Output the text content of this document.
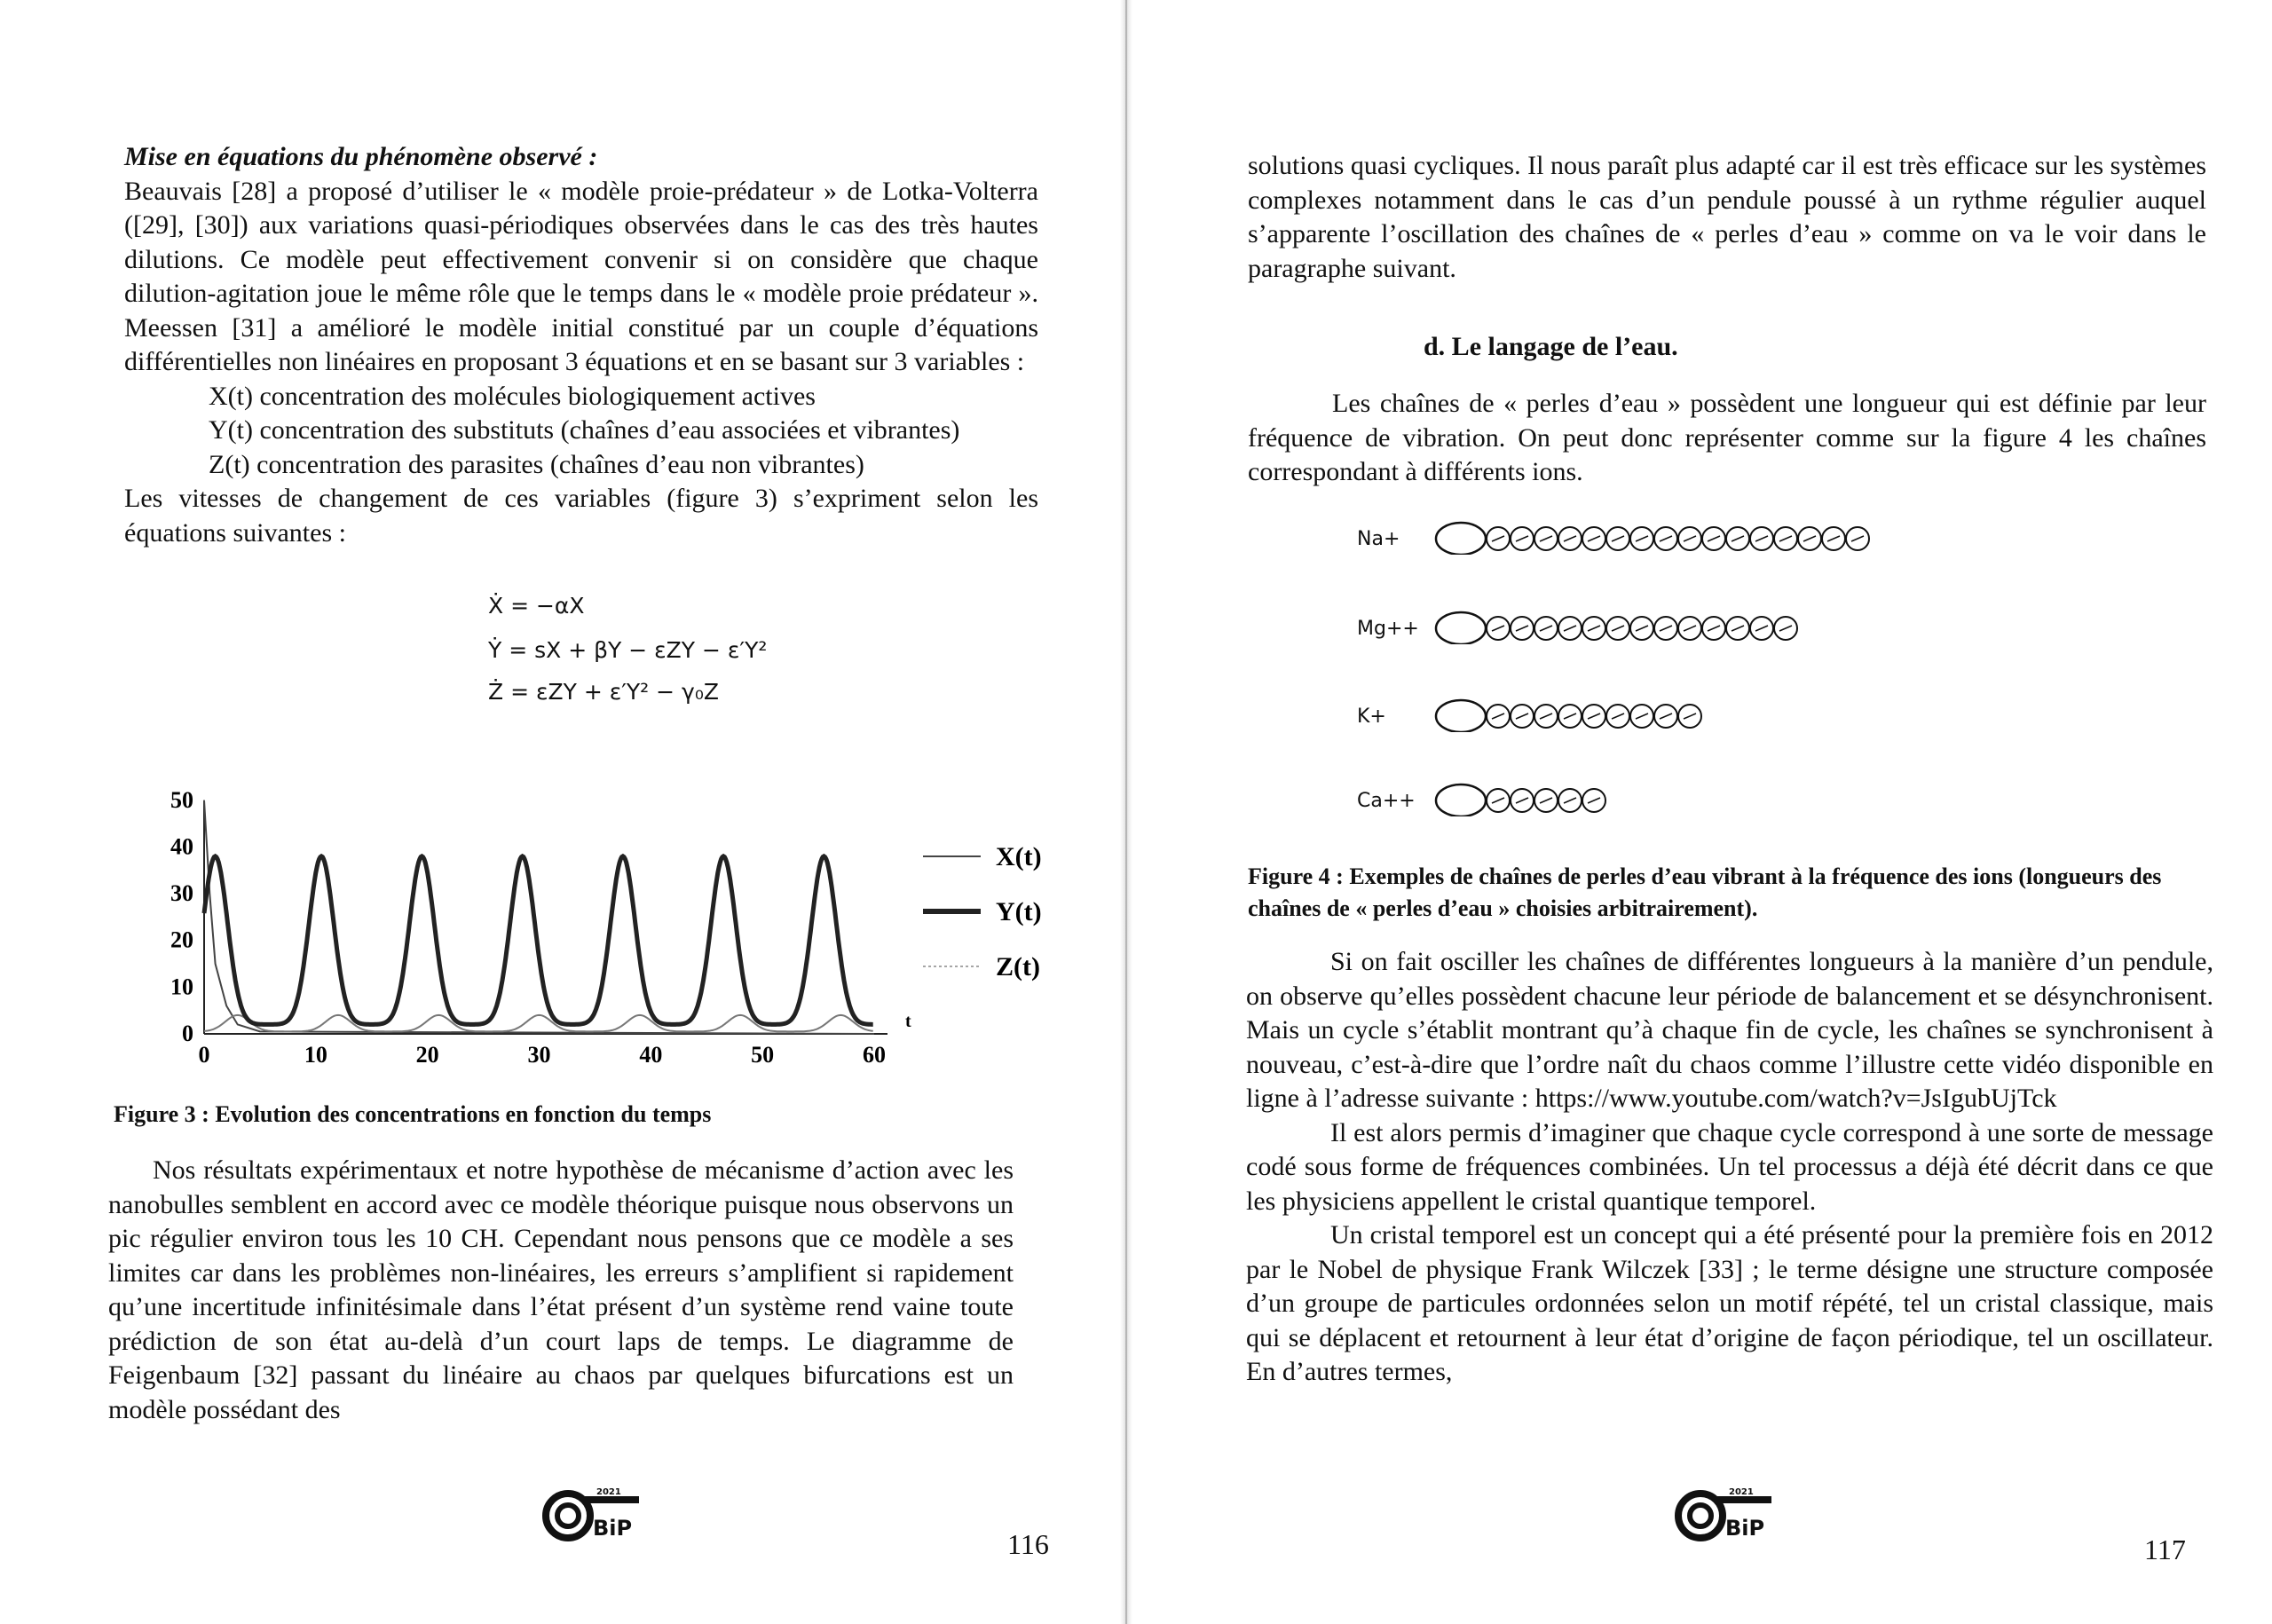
Mise en équations du phénomène observé :

Beauvais [28] a proposé d’utiliser le « modèle proie-prédateur » de Lotka-Volterra ([29], [30]) aux variations quasi-périodiques observées dans le cas des très hautes dilutions. Ce modèle peut effectivement convenir si on considère que chaque dilution-agitation joue le même rôle que le temps dans le « modèle proie prédateur ». Meessen [31] a amélioré le modèle initial constitué par un couple d’équations différentielles non linéaires en proposant 3 équations et en se basant sur 3 variables :

X(t) concentration des molécules biologiquement actives

Y(t) concentration des substituts (chaînes d’eau associées et vibrantes)

Z(t) concentration des parasites (chaînes d’eau non vibrantes)

Les vitesses de changement de ces variables (figure 3) s’expriment selon les équations suivantes :

Ẋ = −αX
Ẏ = sX + βY − εZY − ε′Y²
Ż = εZY + ε′Y² − γ₀Z
0	10	20	30	40	50	60
0
10
20
30
40
50
t
X(t)
Y(t)
Z(t)
Figure 3 : Evolution des concentrations en fonction du temps

Nos résultats expérimentaux et notre hypothèse de mécanisme d’action avec les nanobulles semblent en accord avec ce modèle théorique puisque nous observons un pic régulier environ tous les 10 CH. Cependant nous pensons que ce modèle a ses limites car dans les problèmes non-linéaires, les erreurs s’amplifient si rapidement qu’une incertitude infinitésimale dans l’état présent d’un système rend vaine toute prédiction de son état au-delà d’un court laps de temps. Le diagramme de Feigenbaum [32] passant du linéaire au chaos par quelques bifurcations est un modèle possédant des

2021
BiP	116

solutions quasi cycliques. Il nous paraît plus adapté car il est très efficace sur les systèmes complexes notamment dans le cas d’un pendule poussé à un rythme régulier auquel s’apparente l’oscillation des chaînes de « perles d’eau » comme on va le voir dans le paragraphe suivant.

d. Le langage de l’eau.

Les chaînes de « perles d’eau » possèdent une longueur qui est définie par leur fréquence de vibration. On peut donc représenter comme sur la figure 4 les chaînes correspondant à différents ions.

Na+
Mg++
K+
Ca++
Figure 4 : Exemples de chaînes de perles d’eau vibrant à la fréquence des ions (longueurs des chaînes de « perles d’eau » choisies arbitrairement).

Si on fait osciller les chaînes de différentes longueurs à la manière d’un pendule, on observe qu’elles possèdent chacune leur période de balancement et se désynchronisent. Mais un cycle s’établit montrant qu’à chaque fin de cycle, les chaînes se synchronisent à nouveau, c’est-à-dire que l’ordre naît du chaos comme l’illustre cette vidéo disponible en ligne à l’adresse suivante : https://www.youtube.com/watch?v=JsIgubUjTck

Il est alors permis d’imaginer que chaque cycle correspond à une sorte de message codé sous forme de fréquences combinées. Un tel processus a déjà été décrit dans ce que les physiciens appellent le cristal quantique temporel.

Un cristal temporel est un concept qui a été présenté pour la première fois en 2012 par le Nobel de physique Frank Wilczek [33] ; le terme désigne une structure composée d’un groupe de particules ordonnées selon un motif répété, tel un cristal classique, mais qui se déplacent et retournent à leur état d’origine de façon périodique, tel un oscillateur. En d’autres termes,

2021
BiP
117
